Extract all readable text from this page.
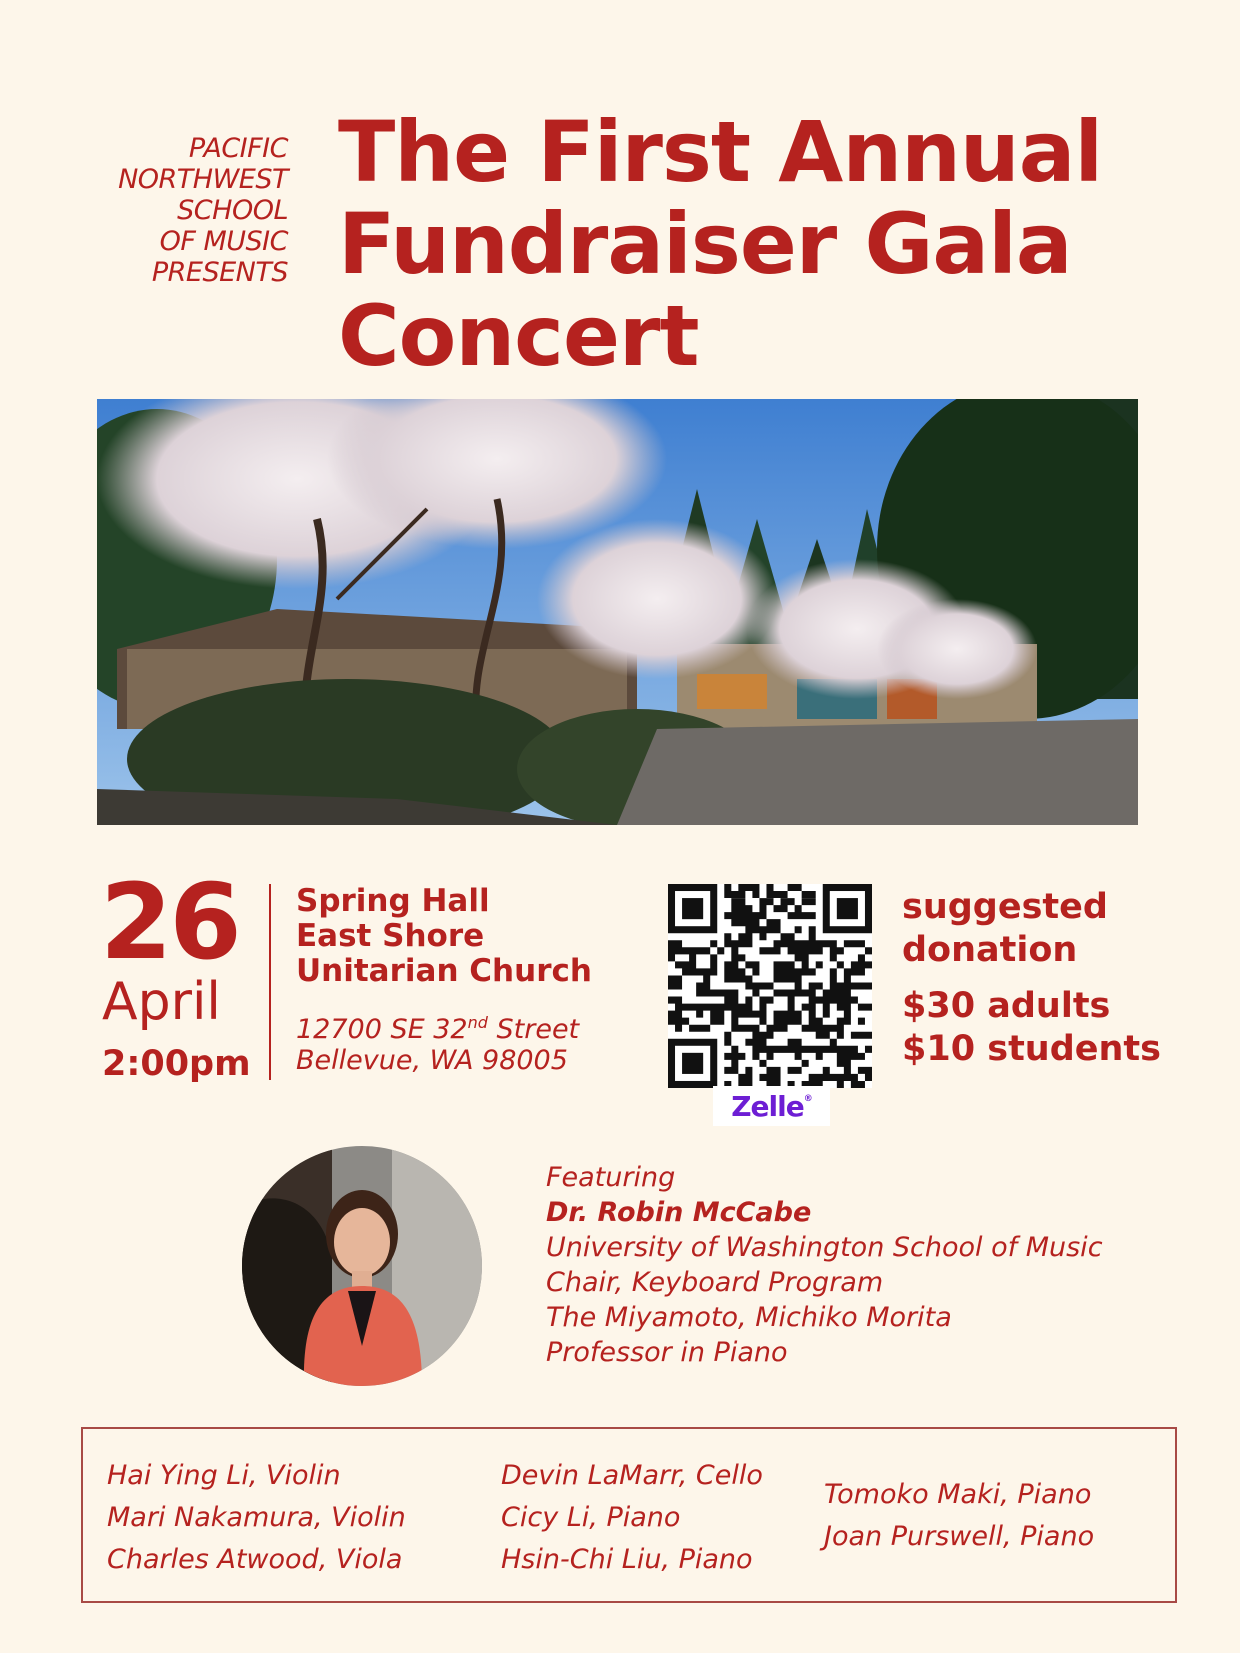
PACIFIC
NORTHWEST
SCHOOL
OF MUSIC
PRESENTS
The First Annual
Fundraiser Gala
Concert
26
April
2:00pm
Spring Hall
East Shore
Unitarian Church
12700 SE 32nd Street
Bellevue, WA 98005
Zelle ®
suggested
donation
$30 adults
$10 students
Featuring
Dr. Robin McCabe
University of Washington School of Music
Chair, Keyboard Program
The Miyamoto, Michiko Morita
Professor in Piano
Hai Ying Li, Violin
Mari Nakamura, Violin
Charles Atwood, Viola
Devin LaMarr, Cello
Cicy Li, Piano
Hsin-Chi Liu, Piano
Tomoko Maki, Piano
Joan Purswell, Piano
